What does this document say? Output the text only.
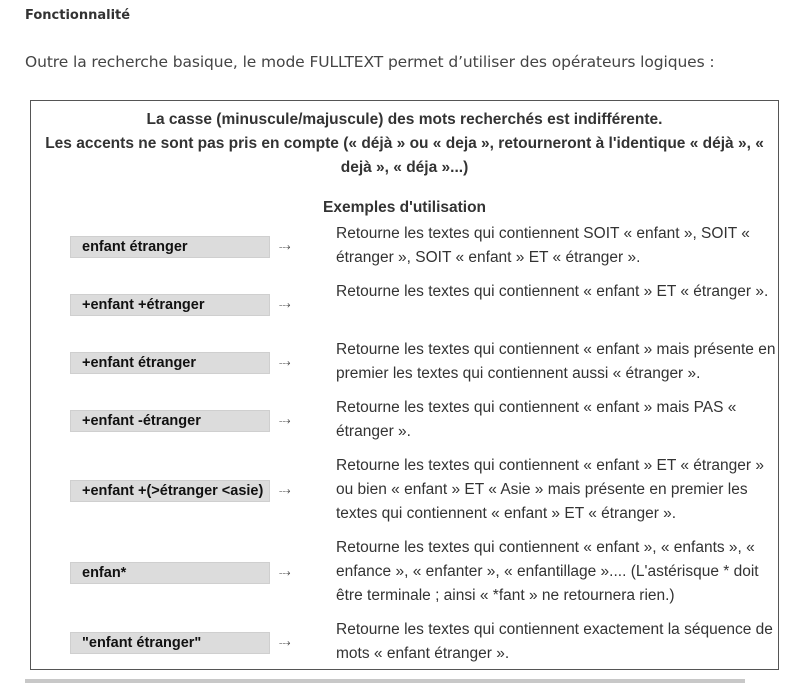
Fonctionnalité
Outre la recherche basique, le mode FULLTEXT permet d’utiliser des opérateurs logiques :
La casse (minuscule/majuscule) des mots recherchés est indifférente.
Les accents ne sont pas pris en compte (« déjà » ou « deja », retourneront à l'identique « déjà », « dejà », « déja »...)
Exemples d'utilisation
enfant étranger	⤏
Retourne les textes qui contiennent SOIT « enfant », SOIT « étranger », SOIT « enfant » ET « étranger ».
+enfant +étranger	⤏
Retourne les textes qui contiennent « enfant » ET « étranger ».
+enfant étranger	⤏
Retourne les textes qui contiennent « enfant » mais présente en premier les textes qui contiennent aussi « étranger ».
+enfant -étranger	⤏
Retourne les textes qui contiennent « enfant » mais PAS « étranger ».
+enfant +(>étranger <asie)	⤏
Retourne les textes qui contiennent « enfant » ET « étranger » ou bien « enfant » ET « Asie » mais présente en premier les textes qui contiennent « enfant » ET « étranger ».
enfan*	⤏
Retourne les textes qui contiennent « enfant », « enfants », « enfance », « enfanter », « enfantillage ».... (L'astérisque * doit être terminale ; ainsi « *fant » ne retournera rien.)
"enfant étranger"	⤏
Retourne les textes qui contiennent exactement la séquence de mots « enfant étranger ».
